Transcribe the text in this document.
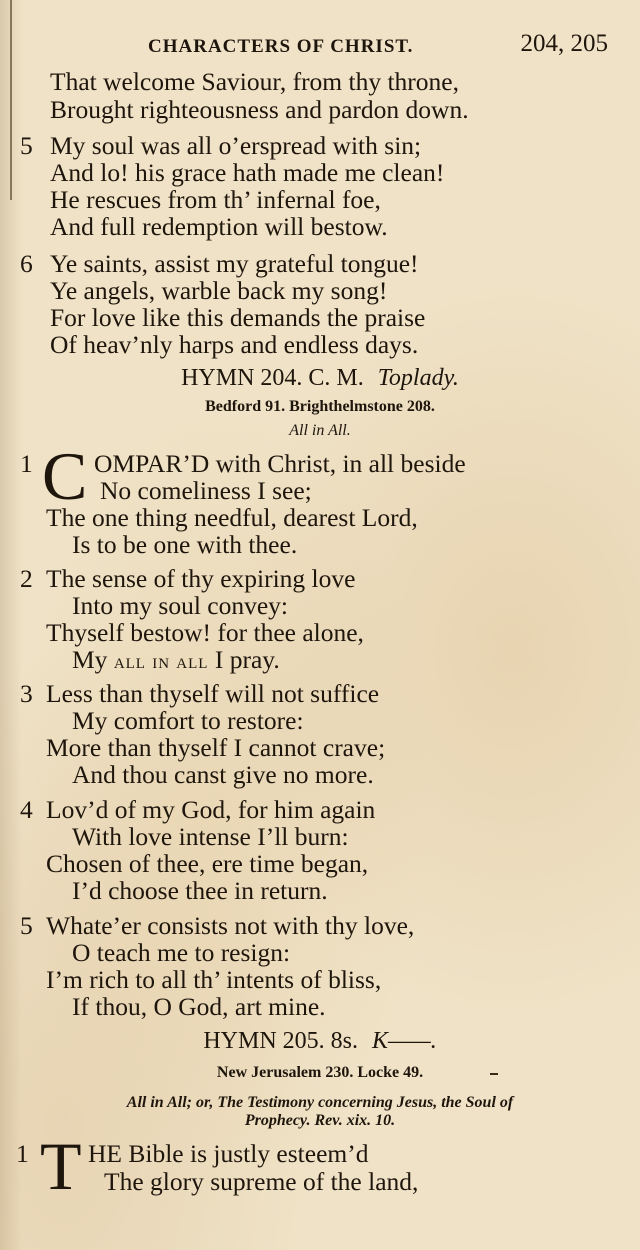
CHARACTERS OF CHRIST.	204, 205
That welcome Saviour, from thy throne,
Brought righteousness and pardon down.
5 My soul was all o’erspread with sin;
And lo! his grace hath made me clean!
He rescues from th’ infernal foe,
And full redemption will bestow.
6 Ye saints, assist my grateful tongue!
Ye angels, warble back my song!
For love like this demands the praise
Of heav’nly harps and endless days.
HYMN 204. C. M. Toplady.
Bedford 91. Brighthelmstone 208.
All in All.
1 C OMPAR’D with Christ, in all beside
No comeliness I see;
The one thing needful, dearest Lord,
Is to be one with thee.
2 The sense of thy expiring love
Into my soul convey:
Thyself bestow! for thee alone,
My all in all I pray.
3 Less than thyself will not suffice
My comfort to restore:
More than thyself I cannot crave;
And thou canst give no more.
4 Lov’d of my God, for him again
With love intense I’ll burn:
Chosen of thee, ere time began,
I’d choose thee in return.
5 Whate’er consists not with thy love,
O teach me to resign:
I’m rich to all th’ intents of bliss,
If thou, O God, art mine.
HYMN 205. 8s. K——.
New Jerusalem 230. Locke 49.
All in All; or, The Testimony concerning Jesus, the Soul of
Prophecy. Rev. xix. 10.
1 T HE Bible is justly esteem’d
The glory supreme of the land,
